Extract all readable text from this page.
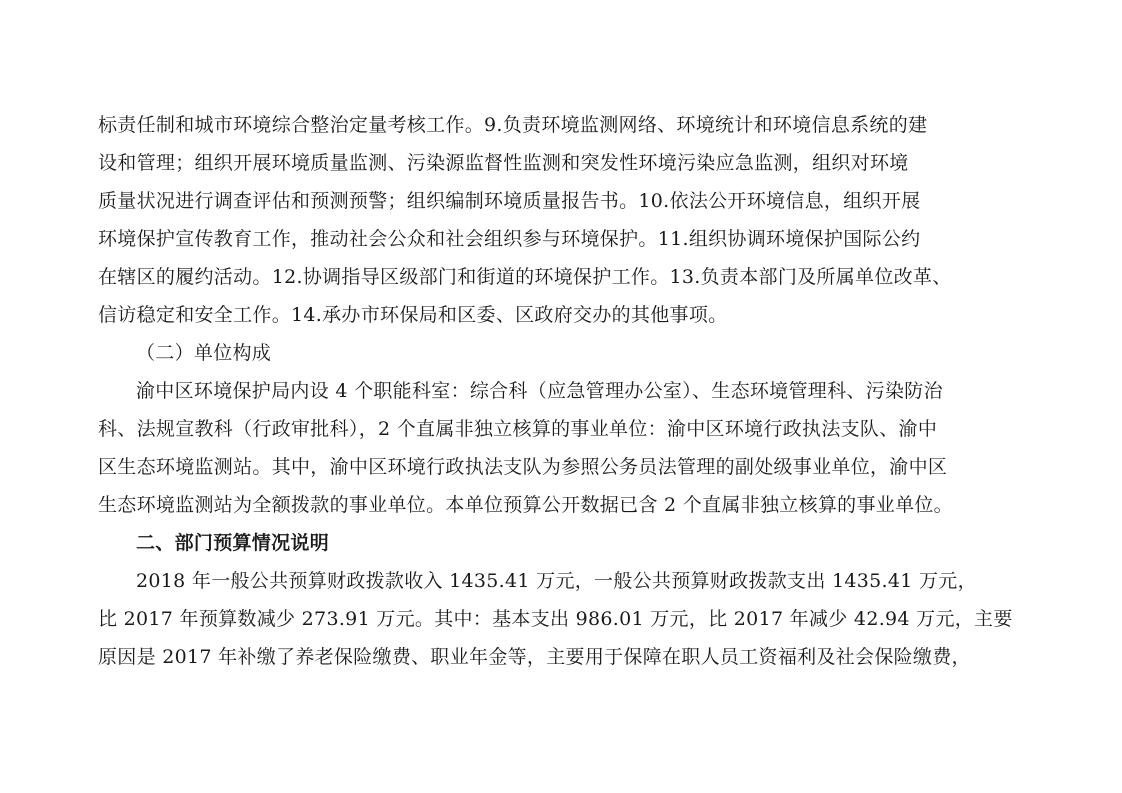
标责任制和城市环境综合整治定量考核工作。9.负责环境监测网络、环境统计和环境信息系统的建
设和管理；组织开展环境质量监测、污染源监督性监测和突发性环境污染应急监测，组织对环境
质量状况进行调查评估和预测预警；组织编制环境质量报告书。10.依法公开环境信息，组织开展
环境保护宣传教育工作，推动社会公众和社会组织参与环境保护。11.组织协调环境保护国际公约
在辖区的履约活动。12.协调指导区级部门和街道的环境保护工作。13.负责本部门及所属单位改革、
信访稳定和安全工作。14.承办市环保局和区委、区政府交办的其他事项。
（二）单位构成
渝中区环境保护局内设 4 个职能科室：综合科（应急管理办公室）、生态环境管理科、污染防治
科、法规宣教科（行政审批科），2 个直属非独立核算的事业单位：渝中区环境行政执法支队、渝中
区生态环境监测站。其中，渝中区环境行政执法支队为参照公务员法管理的副处级事业单位，渝中区
生态环境监测站为全额拨款的事业单位。本单位预算公开数据已含 2 个直属非独立核算的事业单位。
二、部门预算情况说明
2018 年一般公共预算财政拨款收入 1435.41 万元，一般公共预算财政拨款支出 1435.41 万元，
比 2017 年预算数减少 273.91 万元。其中：基本支出 986.01 万元，比 2017 年减少 42.94 万元，主要
原因是 2017 年补缴了养老保险缴费、职业年金等，主要用于保障在职人员工资福利及社会保险缴费，
